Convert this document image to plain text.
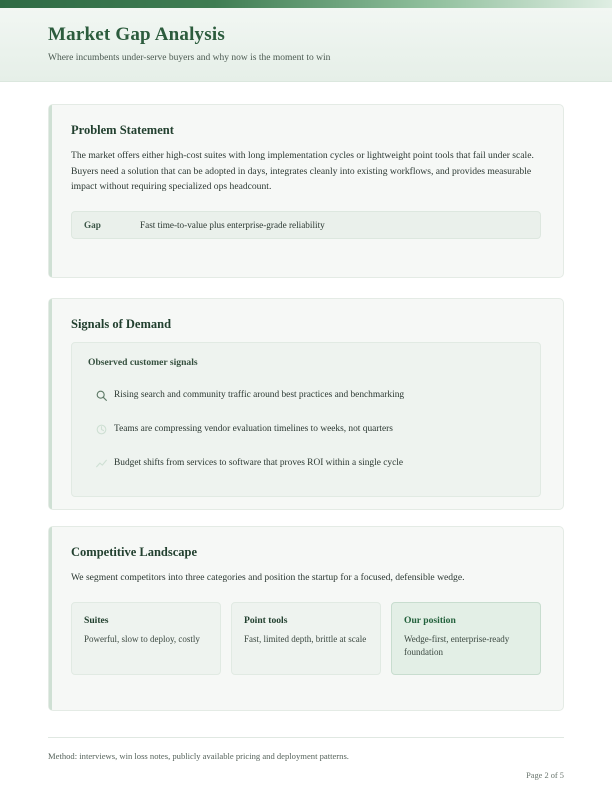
Market Gap Analysis
Where incumbents under-serve buyers and why now is the moment to win
Problem Statement

The market offers either high-cost suites with long implementation cycles or lightweight point tools that fail under scale. Buyers need a solution that can be adopted in days, integrates cleanly into existing workflows, and provides measurable impact without requiring specialized ops headcount.

Gap	Fast time-to-value plus enterprise-grade reliability
Signals of Demand
Observed customer signals
Rising search and community traffic around best practices and benchmarking
Teams are compressing vendor evaluation timelines to weeks, not quarters
Budget shifts from services to software that proves ROI within a single cycle
Competitive Landscape

We segment competitors into three categories and position the startup for a focused, defensible wedge.

Suites
Powerful, slow to deploy, costly
Point tools
Fast, limited depth, brittle at scale
Our position
Wedge-first, enterprise-ready foundation
Method: interviews, win loss notes, publicly available pricing and deployment patterns.
Page 2 of 5
